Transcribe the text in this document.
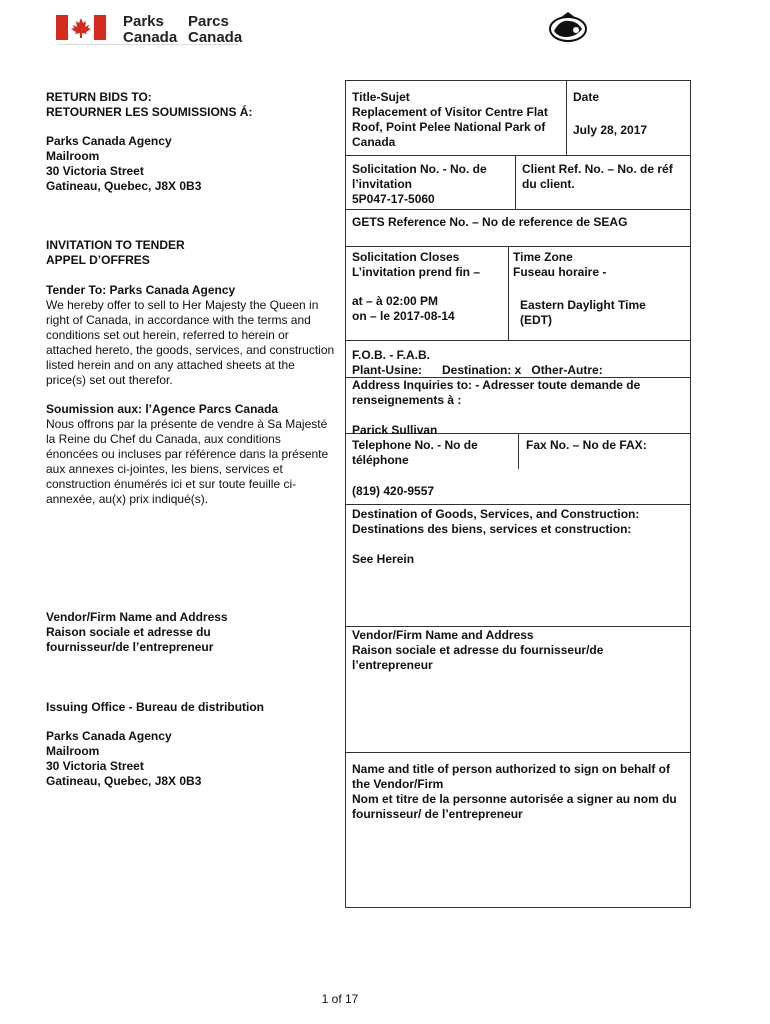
Parks
Canada
Parcs
Canada
RETURN BIDS TO:
RETOURNER LES SOUMISSIONS Á:
Parks Canada Agency
Mailroom
30 Victoria Street
Gatineau, Quebec, J8X 0B3
INVITATION TO TENDER
APPEL D’OFFRES
Tender To: Parks Canada Agency
We hereby offer to sell to Her Majesty the Queen in right of Canada, in accordance with the terms and conditions set out herein, referred to herein or attached hereto, the goods, services, and construction listed herein and on any attached sheets at the price(s) set out therefor.
Soumission aux: l’Agence Parcs Canada
Nous offrons par la présente de vendre à Sa Majesté la Reine du Chef du Canada, aux conditions énoncées ou incluses par référence dans la présente aux annexes ci-jointes, les biens, services et construction énumérés ici et sur toute feuille ci-annexée, au(x) prix indiqué(s).
Vendor/Firm Name and Address
Raison sociale et adresse du
fournisseur/de l’entrepreneur
Issuing Office - Bureau de distribution
Parks Canada Agency
Mailroom
30 Victoria Street
Gatineau, Quebec, J8X 0B3
Title-Sujet
Replacement of Visitor Centre Flat Roof, Point Pelee National Park of Canada
Date
July 28, 2017
Solicitation No. - No. de l’invitation
5P047-17-5060
Client Ref. No. – No. de réf du client.
GETS Reference No. – No de reference de SEAG
Solicitation Closes
L’invitation prend fin –
Time Zone
Fuseau horaire -
at – à 02:00 PM
on – le 2017-08-14
Eastern Daylight Time
(EDT)
F.O.B. - F.A.B.
Plant-Usine:      Destination: x   Other-Autre:
Address Inquiries to: - Adresser toute demande de renseignements à :
Parick Sullivan
Telephone No. - No de téléphone
Fax No. – No de FAX:
(819) 420-9557
Destination of Goods, Services, and Construction:
Destinations des biens, services et construction:
See Herein
Vendor/Firm Name and Address
Raison sociale et adresse du fournisseur/de l’entrepreneur
Name and title of person authorized to sign on behalf of the Vendor/Firm
Nom et titre de la personne autorisée a signer au nom du fournisseur/ de l’entrepreneur
1 of 17
